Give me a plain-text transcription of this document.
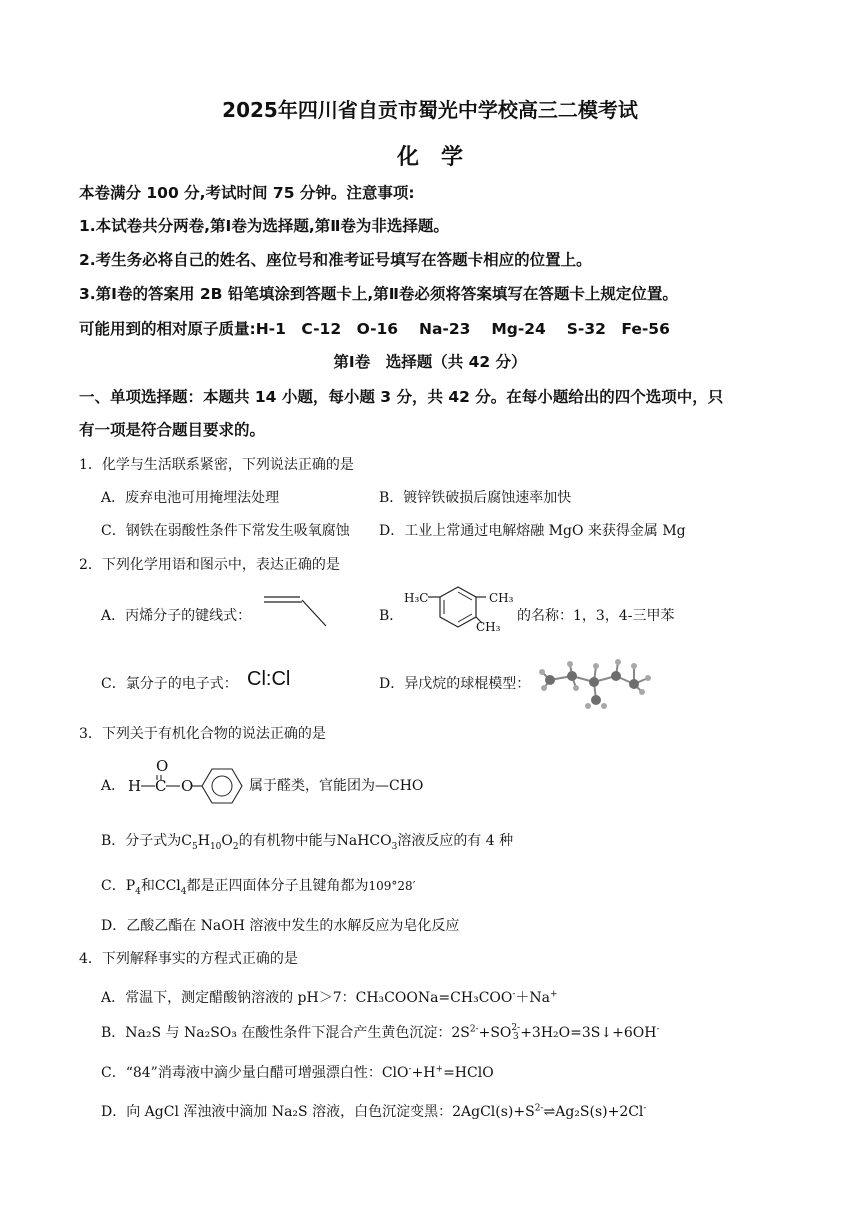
2025年四川省自贡市蜀光中学校高三二模考试
化学
本卷满分 100 分,考试时间 75 分钟。注意事项:
1.本试卷共分两卷,第Ⅰ卷为选择题,第Ⅱ卷为非选择题。
2.考生务必将自己的姓名、座位号和准考证号填写在答题卡相应的位置上。
3.第Ⅰ卷的答案用 2B 铅笔填涂到答题卡上,第Ⅱ卷必须将答案填写在答题卡上规定位置。
可能用到的相对原子质量:H-1　C-12　O-16　 Na-23　 Mg-24　 S-32　Fe-56
第Ⅰ卷　选择题（共 42 分）
一、单项选择题：本题共 14 小题，每小题 3 分，共 42 分。在每小题给出的四个选项中，只
有一项是符合题目要求的。
1．化学与生活联系紧密，下列说法正确的是
A．废弃电池可用掩埋法处理	B．镀锌铁破损后腐蚀速率加快
C．钢铁在弱酸性条件下常发生吸氧腐蚀 D．工业上常通过电解熔融 MgO 来获得金属 Mg
2．下列化学用语和图示中，表达正确的是
A．丙烯分子的键线式：	B．
H₃C	CH₃
CH₃
的名称：1，3，4-三甲苯
C．氯分子的电子式： Cl:Cl	D．异戊烷的球棍模型：
3．下列关于有机化合物的说法正确的是
A． H C
O
O	属于醛类，官能团为—CHO
B．分子式为$C_5H_{10}O_2$的有机物中能与NaHCO$_3$溶液反应的有 4 种
C．$P_4$和CCl$_4$都是正四面体分子且键角都为109°28′
D．乙酸乙酯在 NaOH 溶液中发生的水解反应为皂化反应
4．下列解释事实的方程式正确的是
A．常温下，测定醋酸钠溶液的 pH＞7：CH₃COONa=CH₃COO-＋Na+
B．Na₂S 与 Na₂SO₃ 在酸性条件下混合产生黄色沉淀：$2S^{2-}+SO$ 2-
3 +3H₂O=3S↓+6OH-
C．“84”消毒液中滴少量白醋可增强漂白性：ClO-+H+=HClO
D．向 AgCl 浑浊液中滴加 Na₂S 溶液，白色沉淀变黑：$2AgCl(s)+S^{2-}\rightleftharpoons Ag_2S(s)+2Cl^-$
